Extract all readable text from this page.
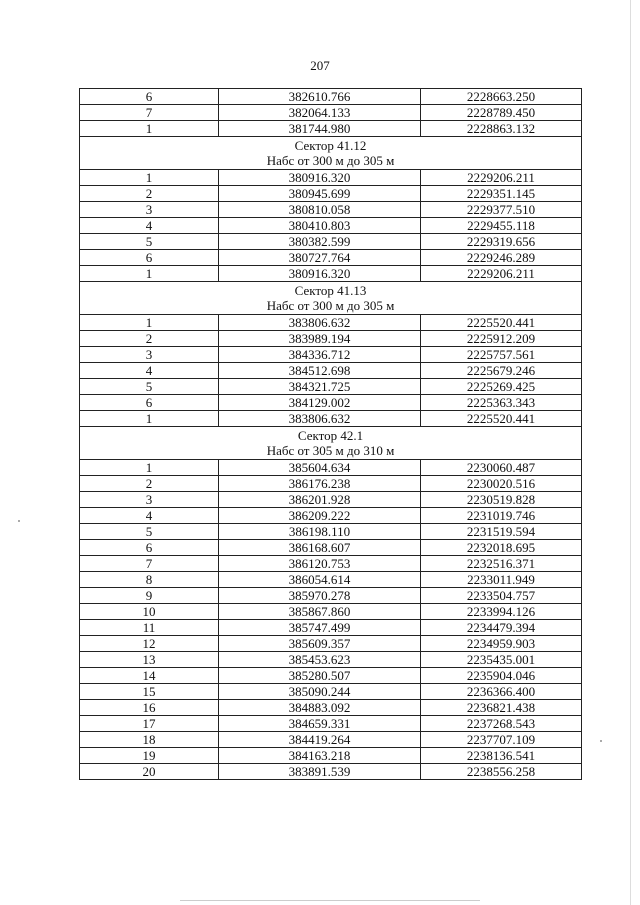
207
6	382610.766	2228663.250
7	382064.133	2228789.450
1	381744.980	2228863.132

Сектор 41.12
Набс от 300 м до 305 м		

1	380916.320	2229206.211
2	380945.699	2229351.145
3	380810.058	2229377.510
4	380410.803	2229455.118
5	380382.599	2229319.656
6	380727.764	2229246.289
1	380916.320	2229206.211

Сектор 41.13
Набс от 300 м до 305 м		

1	383806.632	2225520.441
2	383989.194	2225912.209
3	384336.712	2225757.561
4	384512.698	2225679.246
5	384321.725	2225269.425
6	384129.002	2225363.343
1	383806.632	2225520.441

Сектор 42.1
Набс от 305 м до 310 м		

1	385604.634	2230060.487
2	386176.238	2230020.516
3	386201.928	2230519.828
4	386209.222	2231019.746
5	386198.110	2231519.594
6	386168.607	2232018.695
7	386120.753	2232516.371
8	386054.614	2233011.949
9	385970.278	2233504.757
10	385867.860	2233994.126
11	385747.499	2234479.394
12	385609.357	2234959.903
13	385453.623	2235435.001
14	385280.507	2235904.046
15	385090.244	2236366.400
16	384883.092	2236821.438
17	384659.331	2237268.543
18	384419.264	2237707.109
19	384163.218	2238136.541
20	383891.539	2238556.258
